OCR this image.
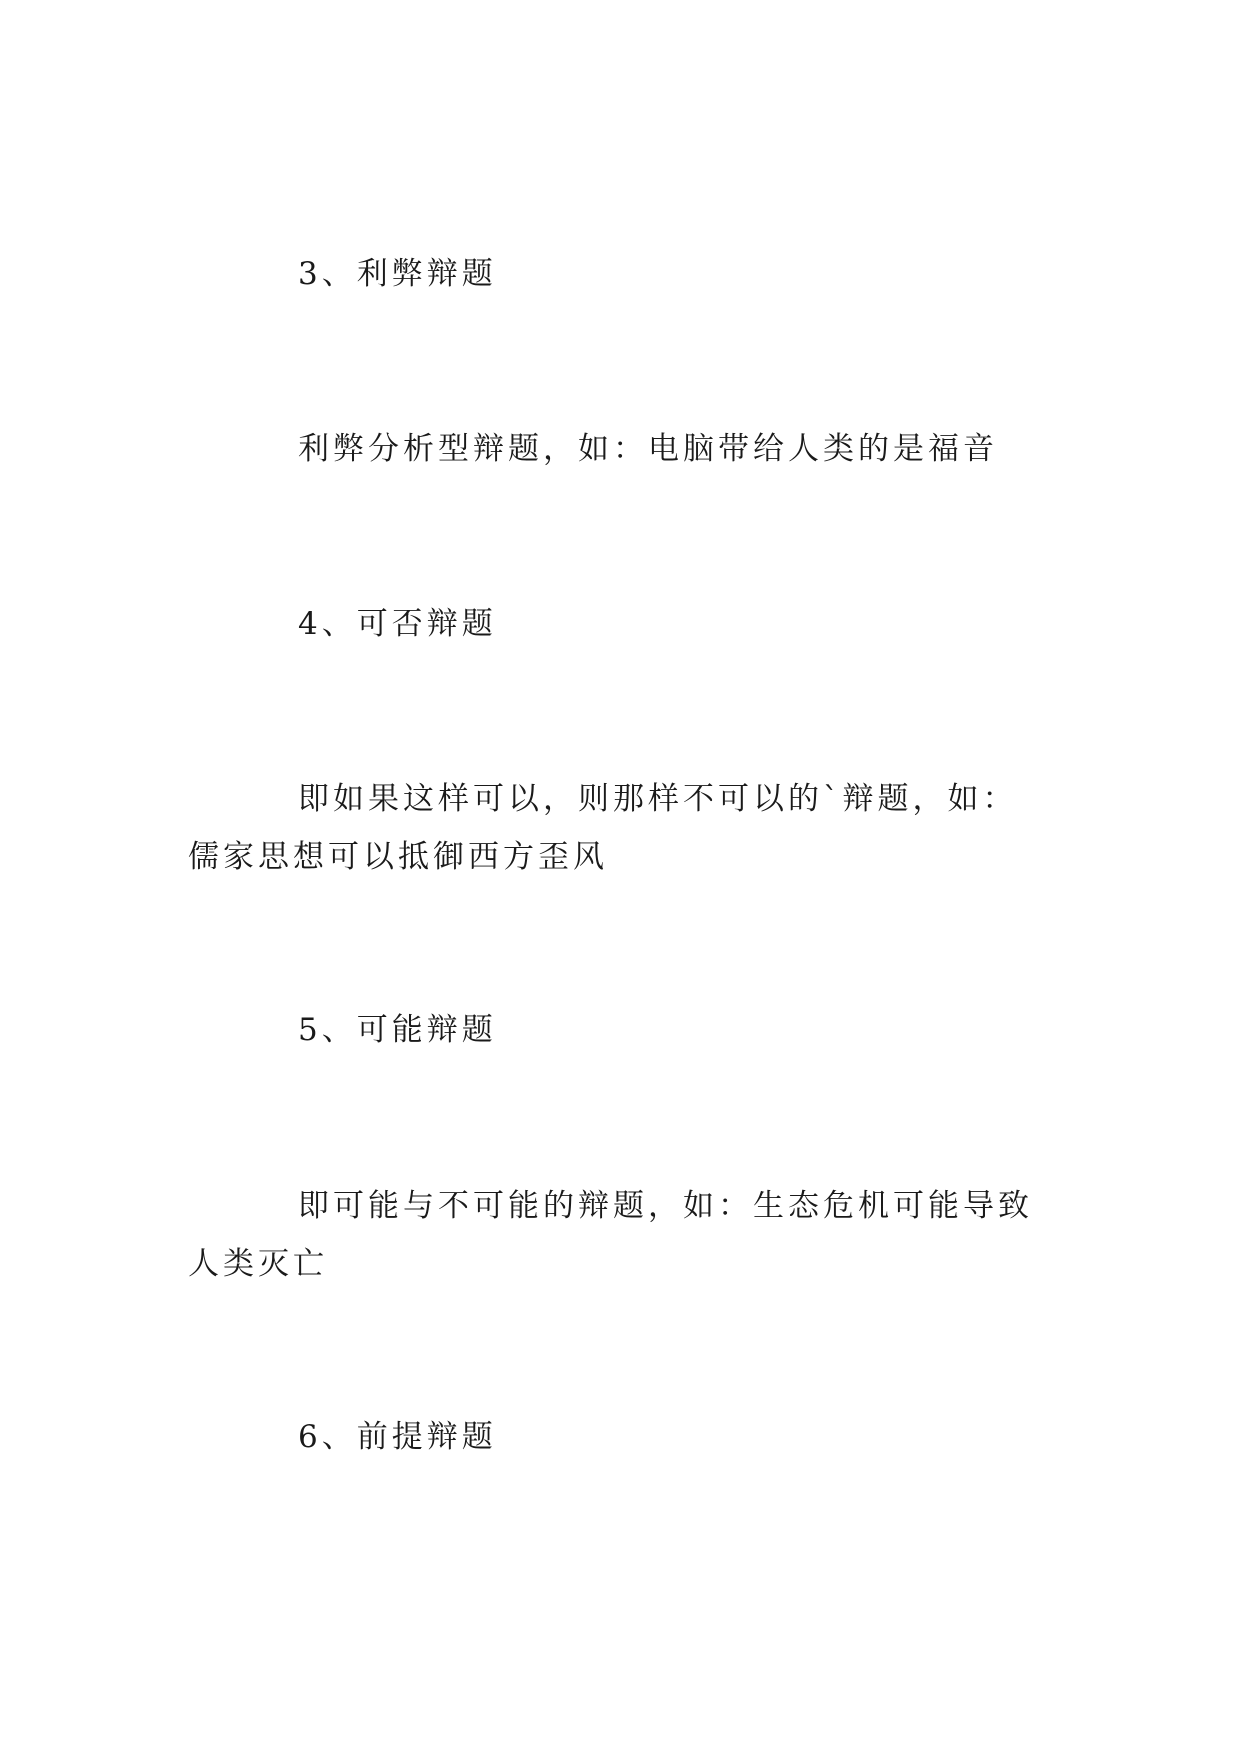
3、利弊辩题

利弊分析型辩题，如：电脑带给人类的是福音

4、可否辩题

即如果这样可以，则那样不可以的`辩题，如：儒家思想可以抵御西方歪风

5、可能辩题

即可能与不可能的辩题，如：生态危机可能导致人类灭亡

6、前提辩题
